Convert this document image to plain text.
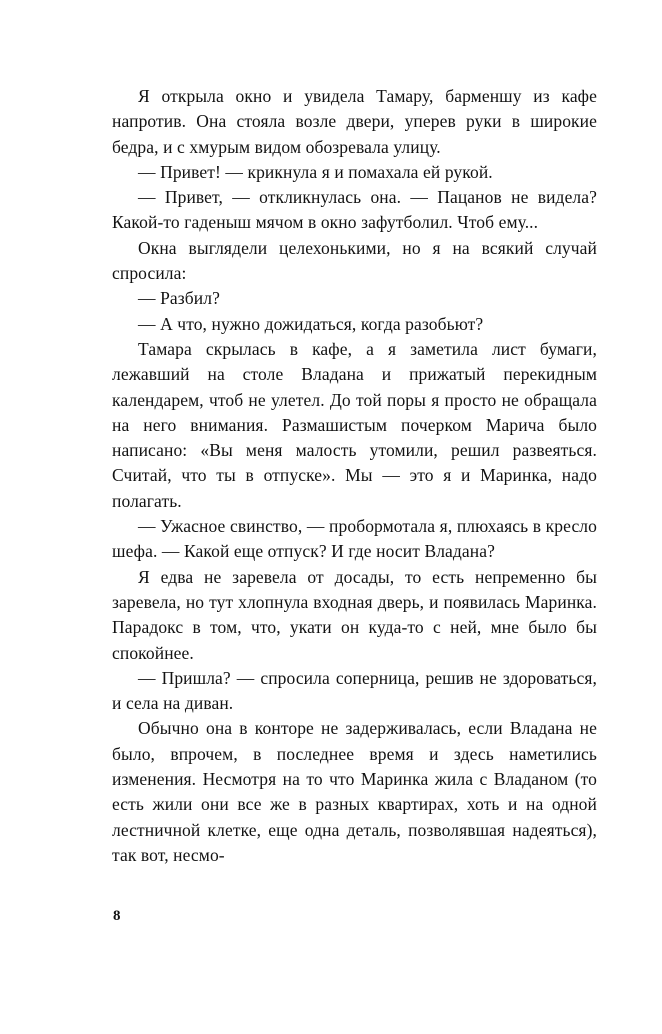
Я открыла окно и увидела Тамару, барменшу из кафе напротив. Она стояла возле двери, уперев руки в широкие бедра, и с хмурым видом обозревала улицу.

— Привет! — крикнула я и помахала ей рукой.

— Привет, — откликнулась она. — Пацанов не видела? Какой-то гаденыш мячом в окно зафутболил. Чтоб ему...

Окна выглядели целехонькими, но я на всякий случай спросила:

— Разбил?

— А что, нужно дожидаться, когда разобьют?

Тамара скрылась в кафе, а я заметила лист бумаги, лежавший на столе Владана и прижатый перекидным календарем, чтоб не улетел. До той поры я просто не обращала на него внимания. Размашистым почерком Марича было написано: «Вы меня малость утомили, решил развеяться. Считай, что ты в отпуске». Мы — это я и Маринка, надо полагать.

— Ужасное свинство, — пробормотала я, плюхаясь в кресло шефа. — Какой еще отпуск? И где носит Владана?

Я едва не заревела от досады, то есть непременно бы заревела, но тут хлопнула входная дверь, и появилась Маринка. Парадокс в том, что, укати он куда-то с ней, мне было бы спокойнее.

— Пришла? — спросила соперница, решив не здороваться, и села на диван.

Обычно она в конторе не задерживалась, если Владана не было, впрочем, в последнее время и здесь наметились изменения. Несмотря на то что Маринка жила с Владаном (то есть жили они все же в разных квартирах, хоть и на одной лестничной клетке, еще одна деталь, позволявшая надеяться), так вот, несмо-

8
